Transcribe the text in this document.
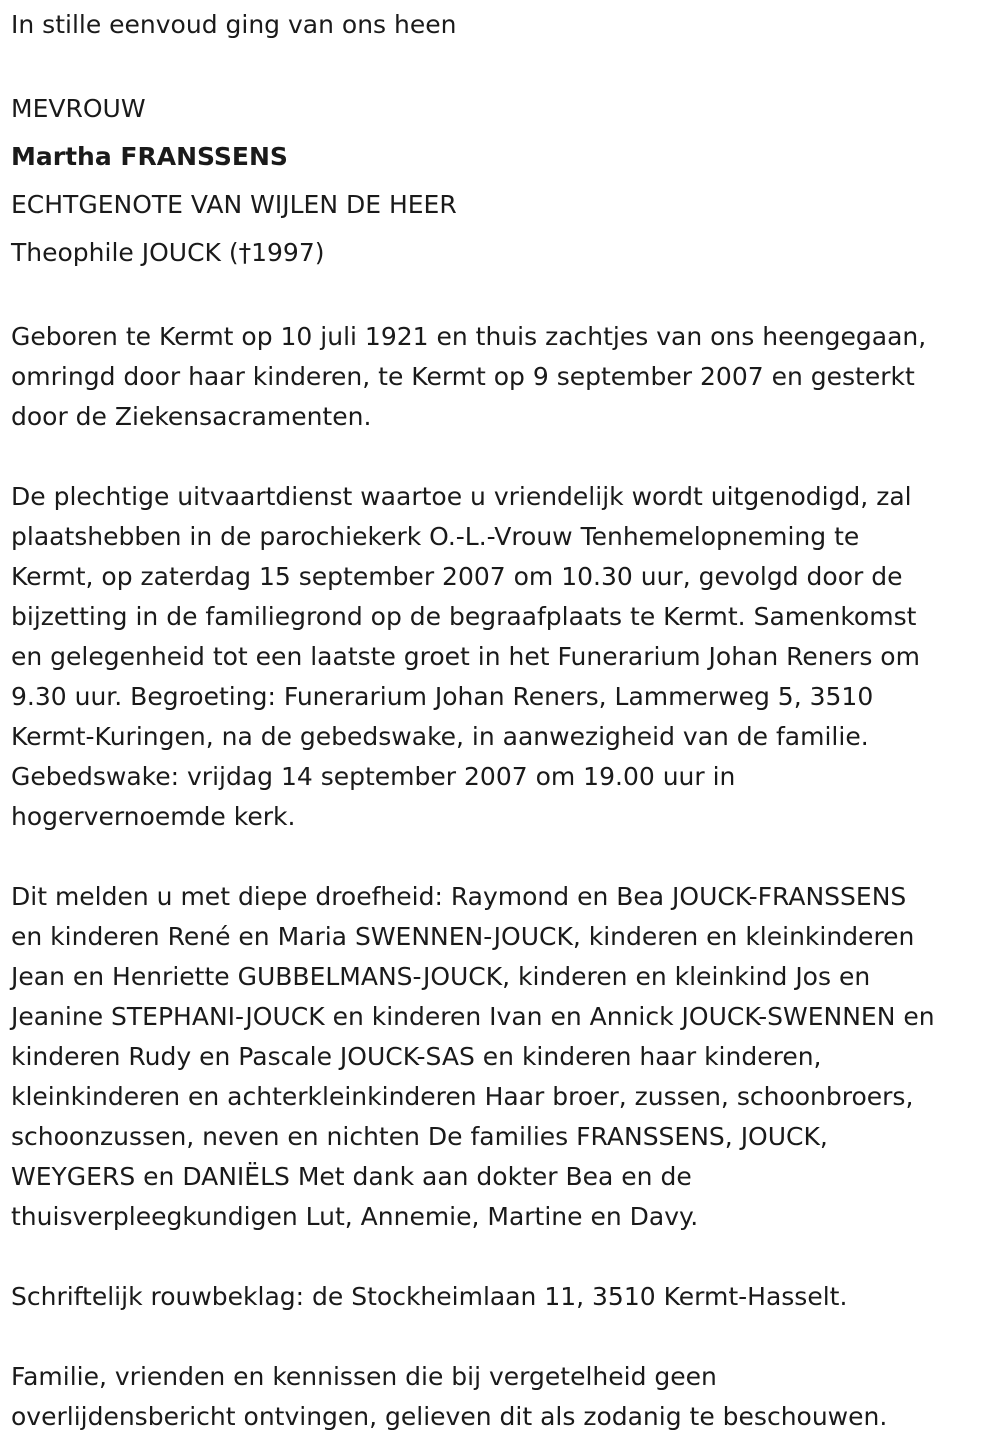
In stille eenvoud ging van ons heen

MEVROUW

Martha FRANSSENS

ECHTGENOTE VAN WIJLEN DE HEER

Theophile JOUCK (†1997)

Geboren te Kermt op 10 juli 1921 en thuis zachtjes van ons heengegaan,

omringd door haar kinderen, te Kermt op 9 september 2007 en gesterkt

door de Ziekensacramenten.

De plechtige uitvaartdienst waartoe u vriendelijk wordt uitgenodigd, zal

plaatshebben in de parochiekerk O.-L.-Vrouw Tenhemelopneming te

Kermt, op zaterdag 15 september 2007 om 10.30 uur, gevolgd door de

bijzetting in de familiegrond op de begraafplaats te Kermt. Samenkomst

en gelegenheid tot een laatste groet in het Funerarium Johan Reners om

9.30 uur. Begroeting: Funerarium Johan Reners, Lammerweg 5, 3510

Kermt-Kuringen, na de gebedswake, in aanwezigheid van de familie.

Gebedswake: vrijdag 14 september 2007 om 19.00 uur in

hogervernoemde kerk.

Dit melden u met diepe droefheid: Raymond en Bea JOUCK-FRANSSENS

en kinderen René en Maria SWENNEN-JOUCK, kinderen en kleinkinderen

Jean en Henriette GUBBELMANS-JOUCK, kinderen en kleinkind Jos en

Jeanine STEPHANI-JOUCK en kinderen Ivan en Annick JOUCK-SWENNEN en

kinderen Rudy en Pascale JOUCK-SAS en kinderen haar kinderen,

kleinkinderen en achterkleinkinderen Haar broer, zussen, schoonbroers,

schoonzussen, neven en nichten De families FRANSSENS, JOUCK,

WEYGERS en DANIËLS Met dank aan dokter Bea en de

thuisverpleegkundigen Lut, Annemie, Martine en Davy.

Schriftelijk rouwbeklag: de Stockheimlaan 11, 3510 Kermt-Hasselt.

Familie, vrienden en kennissen die bij vergetelheid geen

overlijdensbericht ontvingen, gelieven dit als zodanig te beschouwen.
